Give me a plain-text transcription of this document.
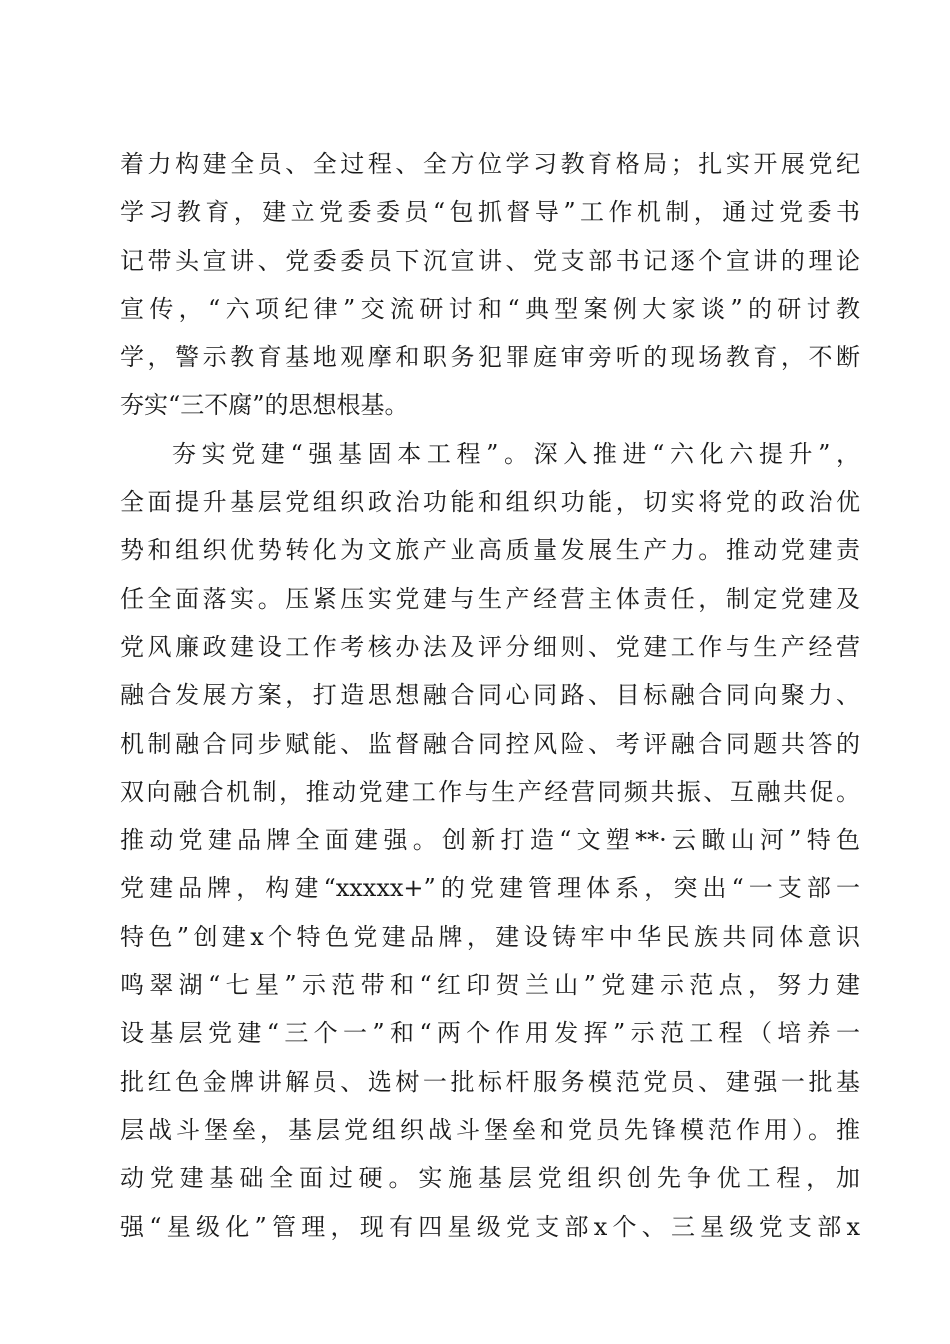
着力构建全员、全过程、全方位学习教育格局；扎实开展党纪
学习教育，建立党委委员“包抓督导”工作机制，通过党委书
记带头宣讲、党委委员下沉宣讲、党支部书记逐个宣讲的理论
宣传，“六项纪律”交流研讨和“典型案例大家谈”的研讨教
学，警示教育基地观摩和职务犯罪庭审旁听的现场教育，不断
夯实“三不腐”的思想根基。
夯实党建“强基固本工程”。深入推进“六化六提升”，
全面提升基层党组织政治功能和组织功能，切实将党的政治优
势和组织优势转化为文旅产业高质量发展生产力。推动党建责
任全面落实。压紧压实党建与生产经营主体责任，制定党建及
党风廉政建设工作考核办法及评分细则、党建工作与生产经营
融合发展方案，打造思想融合同心同路、目标融合同向聚力、
机制融合同步赋能、监督融合同控风险、考评融合同题共答的
双向融合机制，推动党建工作与生产经营同频共振、互融共促。
推动党建品牌全面建强。创新打造“文塑**·云瞰山河”特色
党建品牌，构建“xxxxx+”的党建管理体系，突出“一支部一
特色”创建x个特色党建品牌，建设铸牢中华民族共同体意识
鸣翠湖“七星”示范带和“红印贺兰山”党建示范点，努力建
设基层党建“三个一”和“两个作用发挥”示范工程（培养一
批红色金牌讲解员、选树一批标杆服务模范党员、建强一批基
层战斗堡垒，基层党组织战斗堡垒和党员先锋模范作用）。推
动党建基础全面过硬。实施基层党组织创先争优工程，加
强“星级化”管理，现有四星级党支部x个、三星级党支部x
